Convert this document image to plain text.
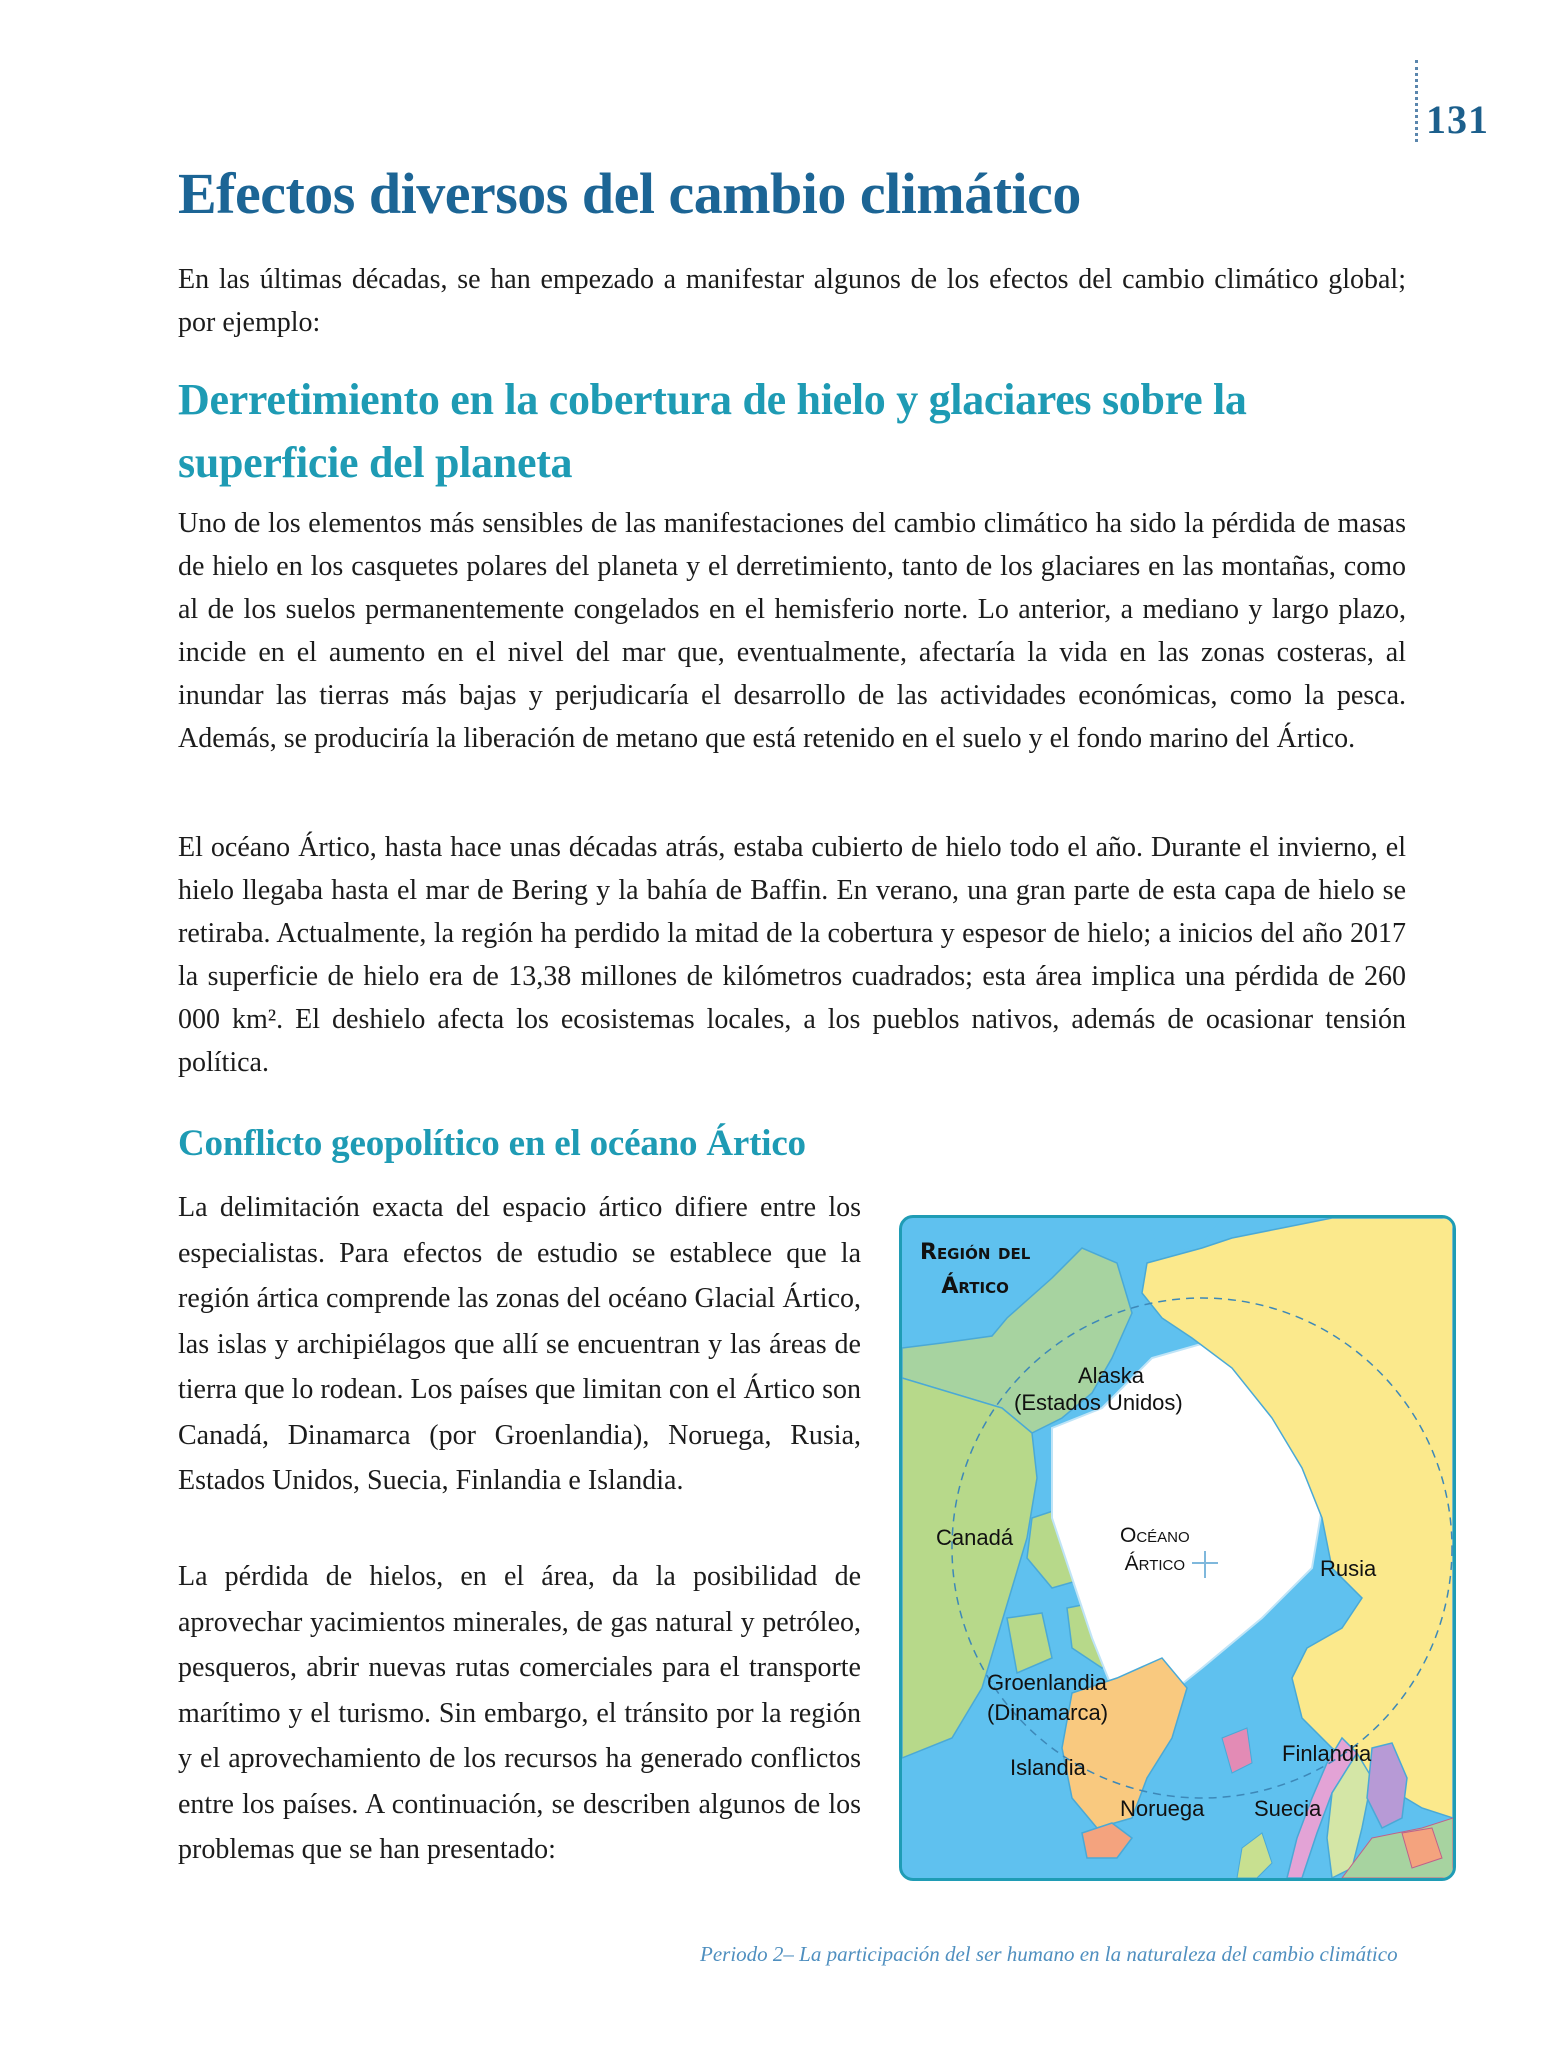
131
Efectos diversos del cambio climático

En las últimas décadas, se han empezado a manifestar algunos de los efectos del cambio climático global; por ejemplo:

Derretimiento en la cobertura de hielo y glaciares sobre la superficie del planeta

Uno de los elementos más sensibles de las manifestaciones del cambio climático ha sido la pérdida de masas de hielo en los casquetes polares del planeta y el derretimiento, tanto de los glaciares en las montañas, como al de los suelos permanentemente congelados en el hemisferio norte. Lo anterior, a mediano y largo plazo, incide en el aumento en el nivel del mar que, eventualmente, afectaría la vida en las zonas costeras, al inundar las tierras más bajas y perjudicaría el desarrollo de las actividades económicas, como la pesca. Además, se produciría la liberación de metano que está retenido en el suelo y el fondo marino del Ártico.

El océano Ártico, hasta hace unas décadas atrás, estaba cubierto de hielo todo el año. Durante el invierno, el hielo llegaba hasta el mar de Bering y la bahía de Baffin. En verano, una gran parte de esta capa de hielo se retiraba. Actualmente, la región ha perdido la mitad de la cobertura y espesor de hielo; a inicios del año 2017 la superficie de hielo era de 13,38 millones de kilómetros cuadrados; esta área implica una pérdida de 260 000 km². El deshielo afecta los ecosistemas locales, a los pueblos nativos, además de ocasionar tensión política.

Conflicto geopolítico en el océano Ártico

La delimitación exacta del espacio ártico difiere entre los especialistas. Para efectos de estudio se establece que la región ártica comprende las zonas del océano Glacial Ártico, las islas y archipiélagos que allí se encuentran y las áreas de tierra que lo rodean. Los países que limitan con el Ártico son Canadá, Dinamarca (por Groenlandia), Noruega, Rusia, Estados Unidos, Suecia, Finlandia e Islandia.

La pérdida de hielos, en el área, da la posibilidad de aprovechar yacimientos minerales, de gas natural y petróleo, pesqueros, abrir nuevas rutas comerciales para el transporte marítimo y el turismo. Sin embargo, el tránsito por la región y el aprovechamiento de los recursos ha generado conflictos entre los países. A continuación, se describen algunos de los problemas que se han presentado:

Región del
Ártico
Alaska
(Estados Unidos)
Canadá	Océano
Ártico	Rusia
Groenlandia
(Dinamarca)
Islandia
Finlandia
Noruega Suecia
Periodo 2– La participación del ser humano en la naturaleza del cambio climático
